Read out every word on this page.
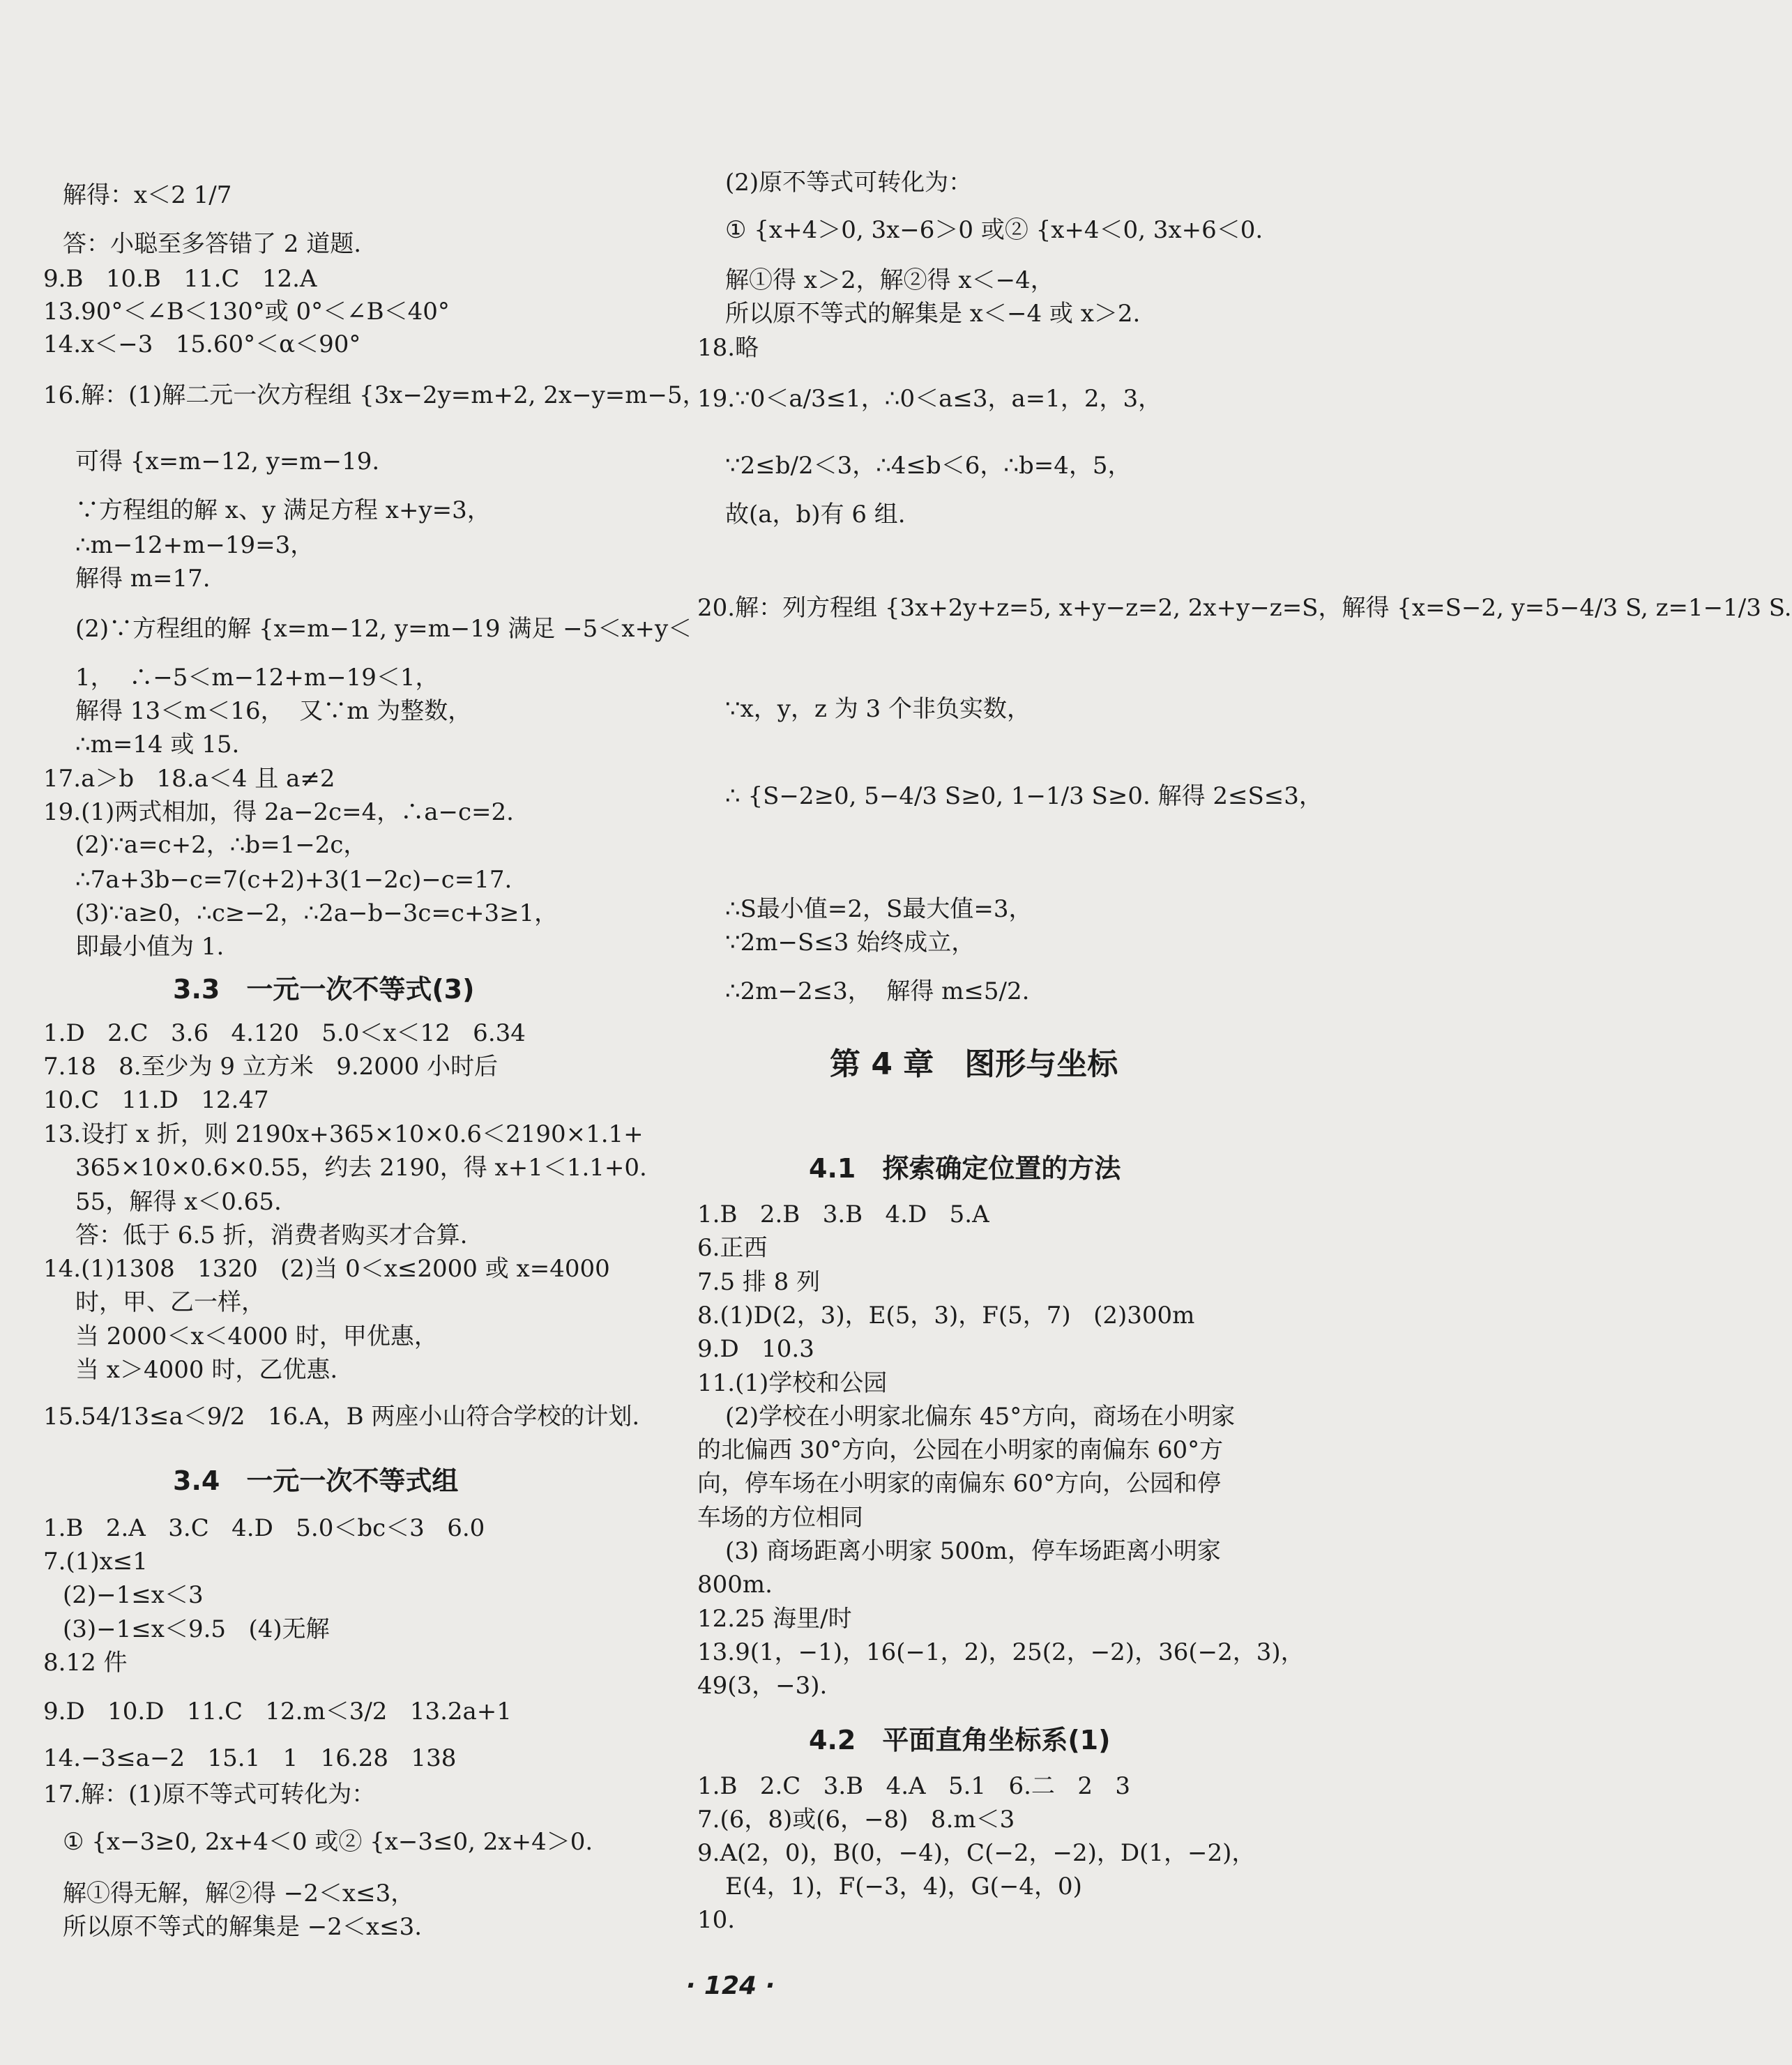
解得：x＜2 1/7
答：小聪至多答错了 2 道题.
9.B   10.B   11.C   12.A
13.90°＜∠B＜130°或 0°＜∠B＜40°
14.x＜−3   15.60°＜α＜90°
16.解：(1)解二元一次方程组 {3x−2y=m+2, 2x−y=m−5，
可得 {x=m−12, y=m−19.
∵方程组的解 x、y 满足方程 x+y=3，
∴m−12+m−19=3，
解得 m=17.
(2)∵方程组的解 {x=m−12, y=m−19 满足 −5＜x+y＜
1，  ∴−5＜m−12+m−19＜1，
解得 13＜m＜16，  又∵m 为整数，
∴m=14 或 15.
17.a＞b   18.a＜4 且 a≠2
19.(1)两式相加，得 2a−2c=4，∴a−c=2.
(2)∵a=c+2，∴b=1−2c，
∴7a+3b−c=7(c+2)+3(1−2c)−c=17.
(3)∵a≥0，∴c≥−2，∴2a−b−3c=c+3≥1，
即最小值为 1.
3.3　一元一次不等式(3)
1.D   2.C   3.6   4.120   5.0＜x＜12   6.34
7.18   8.至少为 9 立方米   9.2000 小时后
10.C   11.D   12.47
13.设打 x 折，则 2190x+365×10×0.6＜2190×1.1+
365×10×0.6×0.55，约去 2190，得 x+1＜1.1+0.
55，解得 x＜0.65.
答：低于 6.5 折，消费者购买才合算.
14.(1)1308   1320   (2)当 0＜x≤2000 或 x=4000
时，甲、乙一样，
当 2000＜x＜4000 时，甲优惠，
当 x＞4000 时，乙优惠.
15.54/13≤a＜9/2   16.A，B 两座小山符合学校的计划.
3.4　一元一次不等式组
1.B   2.A   3.C   4.D   5.0＜bc＜3   6.0
7.(1)x≤1
(2)−1≤x＜3
(3)−1≤x＜9.5   (4)无解
8.12 件
9.D   10.D   11.C   12.m＜3/2   13.2a+1
14.−3≤a−2   15.1   1   16.28   138
17.解：(1)原不等式可转化为：
① {x−3≥0, 2x+4＜0 或② {x−3≤0, 2x+4＞0.
解①得无解，解②得 −2＜x≤3，
所以原不等式的解集是 −2＜x≤3.
(2)原不等式可转化为：
① {x+4＞0, 3x−6＞0 或② {x+4＜0, 3x+6＜0.
解①得 x＞2，解②得 x＜−4，
所以原不等式的解集是 x＜−4 或 x＞2.
18.略
19.∵0＜a/3≤1，∴0＜a≤3，a=1，2，3，
∵2≤b/2＜3，∴4≤b＜6，∴b=4，5，
故(a，b)有 6 组.
20.解：列方程组 {3x+2y+z=5, x+y−z=2, 2x+y−z=S，解得 {x=S−2, y=5−4/3 S, z=1−1/3 S.
∵x，y，z 为 3 个非负实数，
∴ {S−2≥0, 5−4/3 S≥0, 1−1/3 S≥0. 解得 2≤S≤3，
∴S最小值=2，S最大值=3，
∵2m−S≤3 始终成立，
∴2m−2≤3，  解得 m≤5/2.
第 4 章　图形与坐标
4.1　探索确定位置的方法
1.B   2.B   3.B   4.D   5.A
6.正西
7.5 排 8 列
8.(1)D(2，3)，E(5，3)，F(5，7)   (2)300m
9.D   10.3
11.(1)学校和公园
(2)学校在小明家北偏东 45°方向，商场在小明家
的北偏西 30°方向，公园在小明家的南偏东 60°方
向，停车场在小明家的南偏东 60°方向，公园和停
车场的方位相同
(3) 商场距离小明家 500m，停车场距离小明家
800m.
12.25 海里/时
13.9(1，−1)，16(−1，2)，25(2，−2)，36(−2，3)，
49(3，−3).
4.2　平面直角坐标系(1)
1.B   2.C   3.B   4.A   5.1   6.二   2   3
7.(6，8)或(6，−8)   8.m＜3
9.A(2，0)，B(0，−4)，C(−2，−2)，D(1，−2)，
E(4，1)，F(−3，4)，G(−4，0)
10.
· 124 ·
